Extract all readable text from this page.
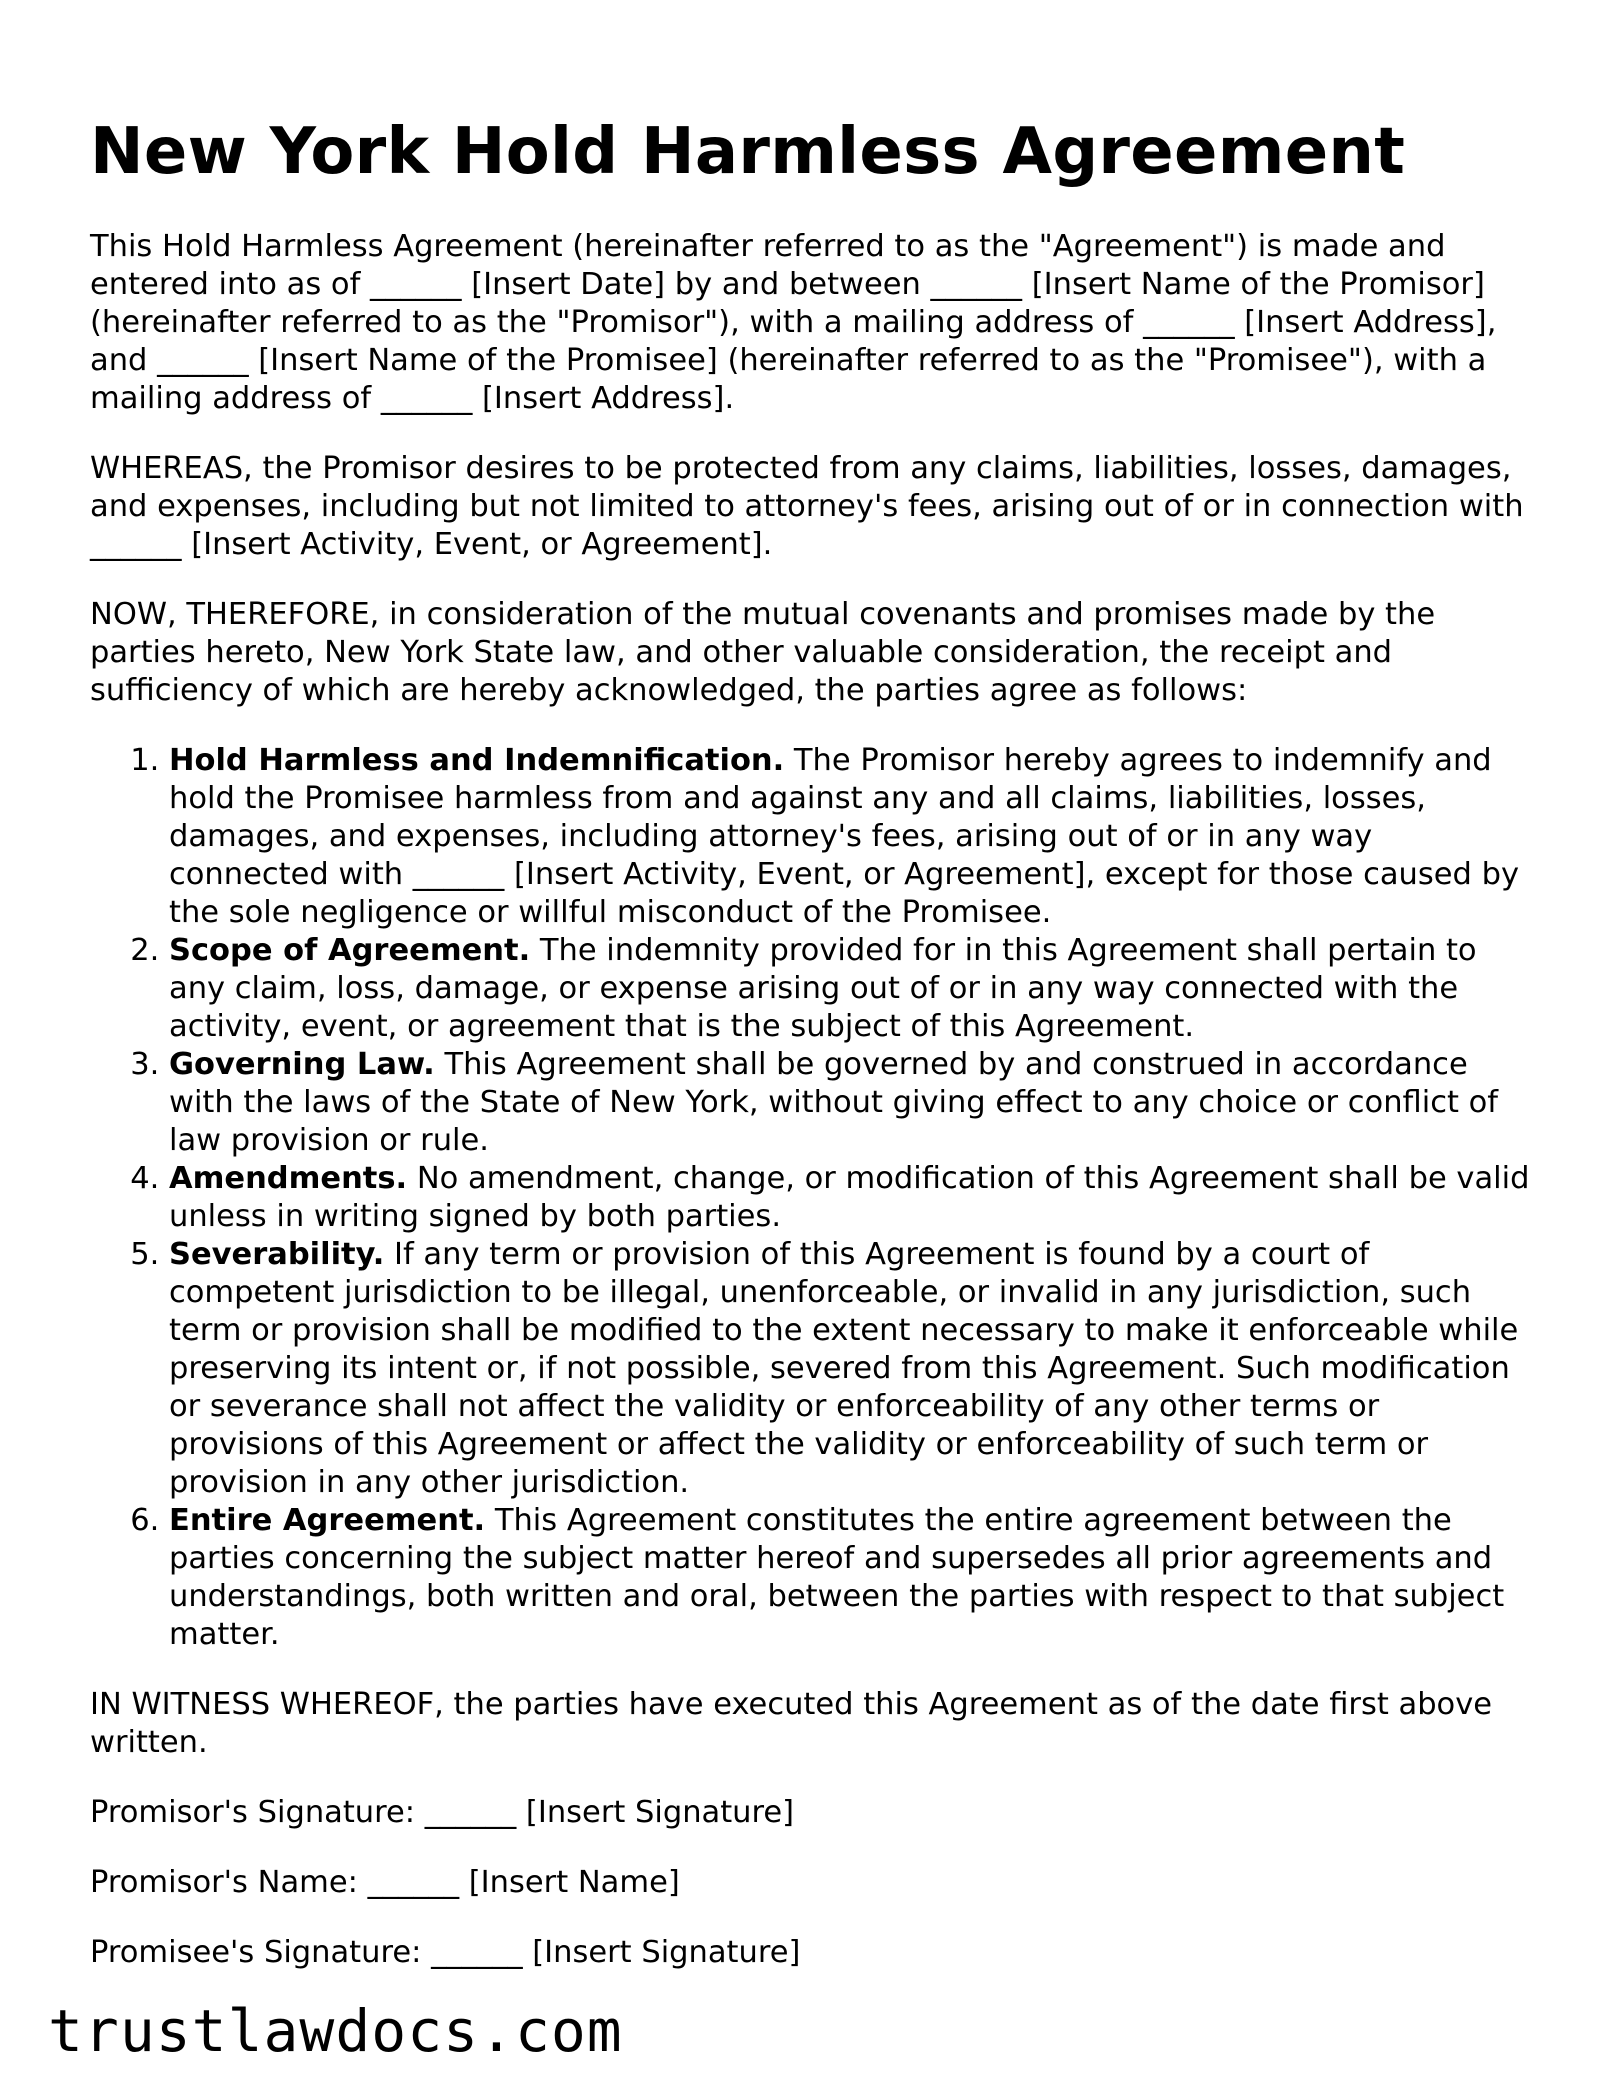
New York Hold Harmless Agreement

This Hold Harmless Agreement (hereinafter referred to as the "Agreement") is made and entered into as of ______ [Insert Date] by and between ______ [Insert Name of the Promisor] (hereinafter referred to as the "Promisor"), with a mailing address of ______ [Insert Address], and ______ [Insert Name of the Promisee] (hereinafter referred to as the "Promisee"), with a mailing address of ______ [Insert Address].

WHEREAS, the Promisor desires to be protected from any claims, liabilities, losses, damages, and expenses, including but not limited to attorney's fees, arising out of or in connection with ______ [Insert Activity, Event, or Agreement].

NOW, THEREFORE, in consideration of the mutual covenants and promises made by the parties hereto, New York State law, and other valuable consideration, the receipt and sufficiency of which are hereby acknowledged, the parties agree as follows:

1. Hold Harmless and Indemnification. The Promisor hereby agrees to indemnify and hold the Promisee harmless from and against any and all claims, liabilities, losses, damages, and expenses, including attorney's fees, arising out of or in any way connected with ______ [Insert Activity, Event, or Agreement], except for those caused by the sole negligence or willful misconduct of the Promisee.
2. Scope of Agreement. The indemnity provided for in this Agreement shall pertain to any claim, loss, damage, or expense arising out of or in any way connected with the activity, event, or agreement that is the subject of this Agreement.
3. Governing Law. This Agreement shall be governed by and construed in accordance with the laws of the State of New York, without giving effect to any choice or conflict of law provision or rule.
4. Amendments. No amendment, change, or modification of this Agreement shall be valid unless in writing signed by both parties.
5. Severability. If any term or provision of this Agreement is found by a court of competent jurisdiction to be illegal, unenforceable, or invalid in any jurisdiction, such term or provision shall be modified to the extent necessary to make it enforceable while preserving its intent or, if not possible, severed from this Agreement. Such modification or severance shall not affect the validity or enforceability of any other terms or provisions of this Agreement or affect the validity or enforceability of such term or provision in any other jurisdiction.
6. Entire Agreement. This Agreement constitutes the entire agreement between the parties concerning the subject matter hereof and supersedes all prior agreements and understandings, both written and oral, between the parties with respect to that subject matter.

IN WITNESS WHEREOF, the parties have executed this Agreement as of the date first above written.

Promisor's Signature: ______ [Insert Signature]

Promisor's Name: ______ [Insert Name]

Promisee's Signature: ______ [Insert Signature]

trustlawdocs.com
